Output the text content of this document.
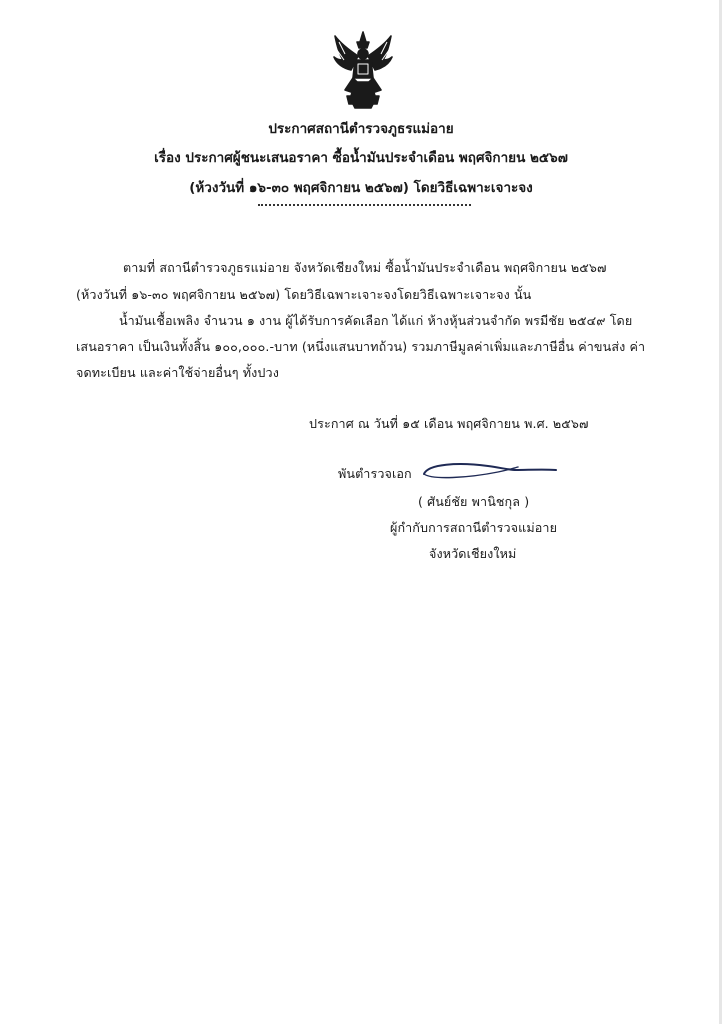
ประกาศสถานีตำรวจภูธรแม่อาย
เรื่อง ประกาศผู้ชนะเสนอราคา ซื้อน้ำมันประจำเดือน พฤศจิกายน ๒๕๖๗
(ห้วงวันที่ ๑๖-๓๐ พฤศจิกายน ๒๕๖๗) โดยวิธีเฉพาะเจาะจง
ตามที่ สถานีตำรวจภูธรแม่อาย จังหวัดเชียงใหม่ ซื้อน้ำมันประจำเดือน พฤศจิกายน ๒๕๖๗
(ห้วงวันที่ ๑๖-๓๐ พฤศจิกายน ๒๕๖๗) โดยวิธีเฉพาะเจาะจงโดยวิธีเฉพาะเจาะจง นั้น
น้ำมันเชื้อเพลิง จำนวน ๑ งาน ผู้ได้รับการคัดเลือก ได้แก่ ห้างหุ้นส่วนจำกัด พรมีชัย ๒๕๔๙ โดย
เสนอราคา เป็นเงินทั้งสิ้น ๑๐๐,๐๐๐.-บาท (หนึ่งแสนบาทถ้วน) รวมภาษีมูลค่าเพิ่มและภาษีอื่น ค่าขนส่ง ค่า
จดทะเบียน และค่าใช้จ่ายอื่นๆ ทั้งปวง
ประกาศ ณ วันที่ ๑๕ เดือน พฤศจิกายน พ.ศ. ๒๕๖๗
พันตำรวจเอก
( ศันย์ชัย พานิชกุล )
ผู้กำกับการสถานีตำรวจแม่อาย
จังหวัดเชียงใหม่
